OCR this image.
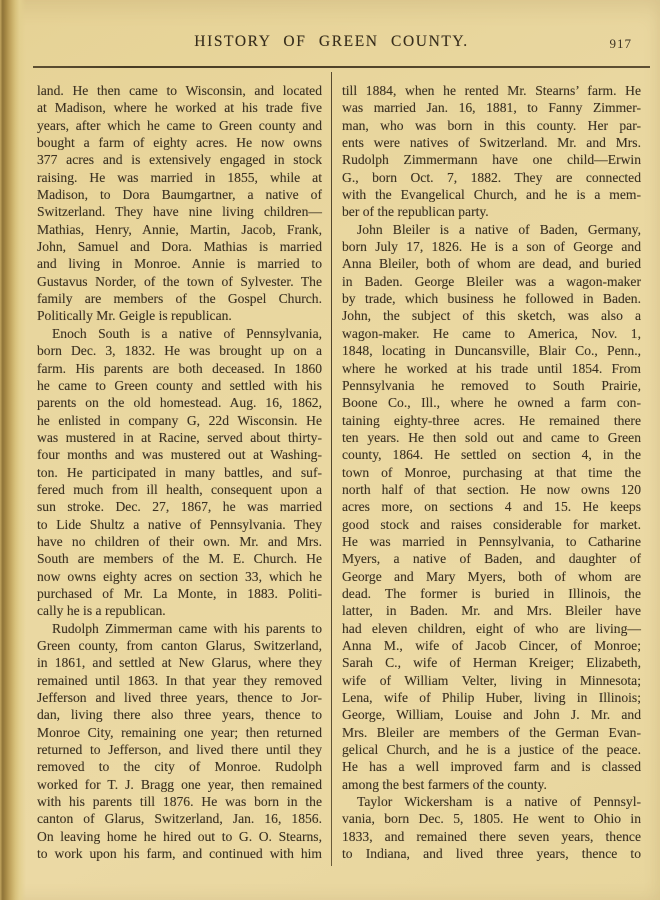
HISTORY OF GREEN COUNTY.	917
land. He then came to Wisconsin, and located
at Madison, where he worked at his trade five
years, after which he came to Green county and
bought a farm of eighty acres. He now owns
377 acres and is extensively engaged in stock
raising. He was married in 1855, while at
Madison, to Dora Baumgartner, a native of
Switzerland. They have nine living children—
Mathias, Henry, Annie, Martin, Jacob, Frank,
John, Samuel and Dora. Mathias is married
and living in Monroe. Annie is married to
Gustavus Norder, of the town of Sylvester. The
family are members of the Gospel Church.
Politically Mr. Geigle is republican.
Enoch South is a native of Pennsylvania,
born Dec. 3, 1832. He was brought up on a
farm. His parents are both deceased. In 1860
he came to Green county and settled with his
parents on the old homestead. Aug. 16, 1862,
he enlisted in company G, 22d Wisconsin. He
was mustered in at Racine, served about thirty-
four months and was mustered out at Washing-
ton. He participated in many battles, and suf-
fered much from ill health, consequent upon a
sun stroke. Dec. 27, 1867, he was married
to Lide Shultz a native of Pennsylvania. They
have no children of their own. Mr. and Mrs.
South are members of the M. E. Church. He
now owns eighty acres on section 33, which he
purchased of Mr. La Monte, in 1883. Politi-
cally he is a republican.
Rudolph Zimmerman came with his parents to
Green county, from canton Glarus, Switzerland,
in 1861, and settled at New Glarus, where they
remained until 1863. In that year they removed
Jefferson and lived three years, thence to Jor-
dan, living there also three years, thence to
Monroe City, remaining one year; then returned
returned to Jefferson, and lived there until they
removed to the city of Monroe. Rudolph
worked for T. J. Bragg one year, then remained
with his parents till 1876. He was born in the
canton of Glarus, Switzerland, Jan. 16, 1856.
On leaving home he hired out to G. O. Stearns,
to work upon his farm, and continued with him
till 1884, when he rented Mr. Stearns’ farm. He
was married Jan. 16, 1881, to Fanny Zimmer-
man, who was born in this county. Her par-
ents were natives of Switzerland. Mr. and Mrs.
Rudolph Zimmermann have one child—Erwin
G., born Oct. 7, 1882. They are connected
with the Evangelical Church, and he is a mem-
ber of the republican party.
John Bleiler is a native of Baden, Germany,
born July 17, 1826. He is a son of George and
Anna Bleiler, both of whom are dead, and buried
in Baden. George Bleiler was a wagon-maker
by trade, which business he followed in Baden.
John, the subject of this sketch, was also a
wagon-maker. He came to America, Nov. 1,
1848, locating in Duncansville, Blair Co., Penn.,
where he worked at his trade until 1854. From
Pennsylvania he removed to South Prairie,
Boone Co., Ill., where he owned a farm con-
taining eighty-three acres. He remained there
ten years. He then sold out and came to Green
county, 1864. He settled on section 4, in the
town of Monroe, purchasing at that time the
north half of that section. He now owns 120
acres more, on sections 4 and 15. He keeps
good stock and raises considerable for market.
He was married in Pennsylvania, to Catharine
Myers, a native of Baden, and daughter of
George and Mary Myers, both of whom are
dead. The former is buried in Illinois, the
latter, in Baden. Mr. and Mrs. Bleiler have
had eleven children, eight of who are living—
Anna M., wife of Jacob Cincer, of Monroe;
Sarah C., wife of Herman Kreiger; Elizabeth,
wife of William Velter, living in Minnesota;
Lena, wife of Philip Huber, living in Illinois;
George, William, Louise and John J. Mr. and
Mrs. Bleiler are members of the German Evan-
gelical Church, and he is a justice of the peace.
He has a well improved farm and is classed
among the best farmers of the county.
Taylor Wickersham is a native of Pennsyl-
vania, born Dec. 5, 1805. He went to Ohio in
1833, and remained there seven years, thence
to Indiana, and lived three years, thence to
